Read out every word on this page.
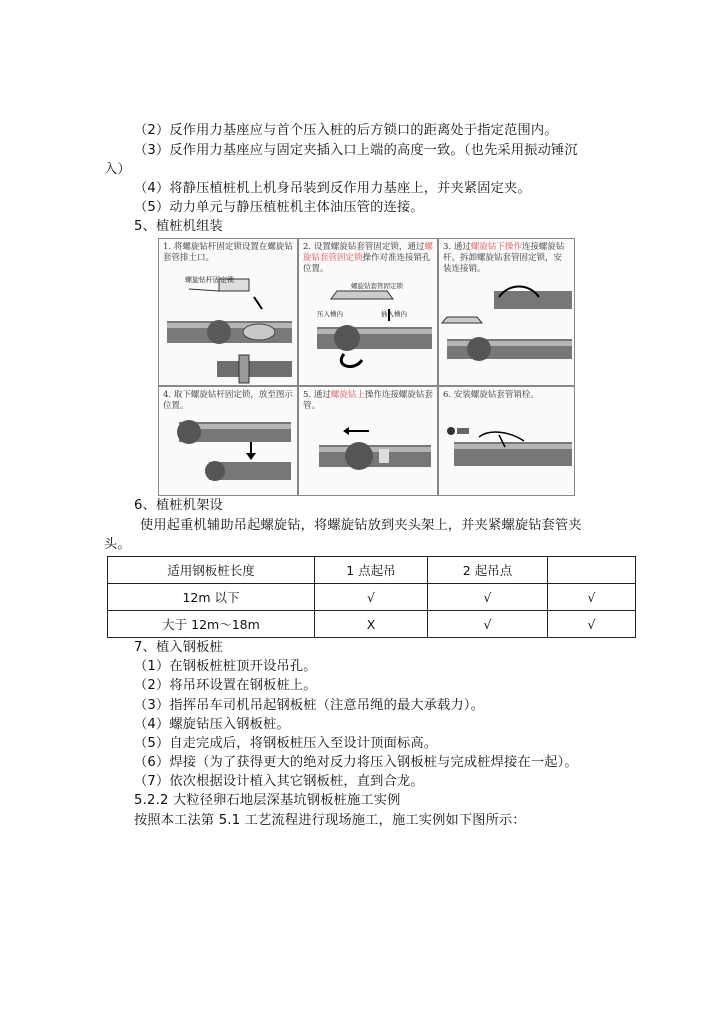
（2）反作用力基座应与首个压入桩的后方锁口的距离处于指定范围内。
（3）反作用力基座应与固定夹插入口上端的高度一致。（也先采用振动锤沉
入）
（4）将静压植桩机上机身吊装到反作用力基座上，并夹紧固定夹。
（5）动力单元与静压植桩机主体油压管的连接。
5、植桩机组装
1. 将螺旋钻杆固定锁设置在螺旋钻套管排土口。
螺旋钻杆固定锁
2. 设置螺旋钻套管固定锁，通过螺旋钻套管固定锁操作对准连接销孔位置。
螺旋钻套管固定锁
压入槽内	插入槽内
3. 通过螺旋钻下操作连接螺旋钻杆。拆卸螺旋钻套管固定锁，安装连接销。
4. 取下螺旋钻杆固定锁，放至图示位置。
5. 通过螺旋钻上操作连接螺旋钻套管。
6. 安装螺旋钻套管销栓。
6、植桩机架设
使用起重机辅助吊起螺旋钻，将螺旋钻放到夹头架上，并夹紧螺旋钻套管夹
头。
适用钢板桩长度	1 点起吊	2 起吊点	
12m 以下	√	√	√
大于 12m～18m	X	√	√
7、植入钢板桩
（1）在钢板桩桩顶开设吊孔。
（2）将吊环设置在钢板桩上。
（3）指挥吊车司机吊起钢板桩（注意吊绳的最大承载力）。
（4）螺旋钻压入钢板桩。
（5）自走完成后，将钢板桩压入至设计顶面标高。
（6）焊接（为了获得更大的绝对反力将压入钢板桩与完成桩焊接在一起）。
（7）依次根据设计植入其它钢板桩，直到合龙。
5.2.2 大粒径卵石地层深基坑钢板桩施工实例
按照本工法第 5.1 工艺流程进行现场施工，施工实例如下图所示：
